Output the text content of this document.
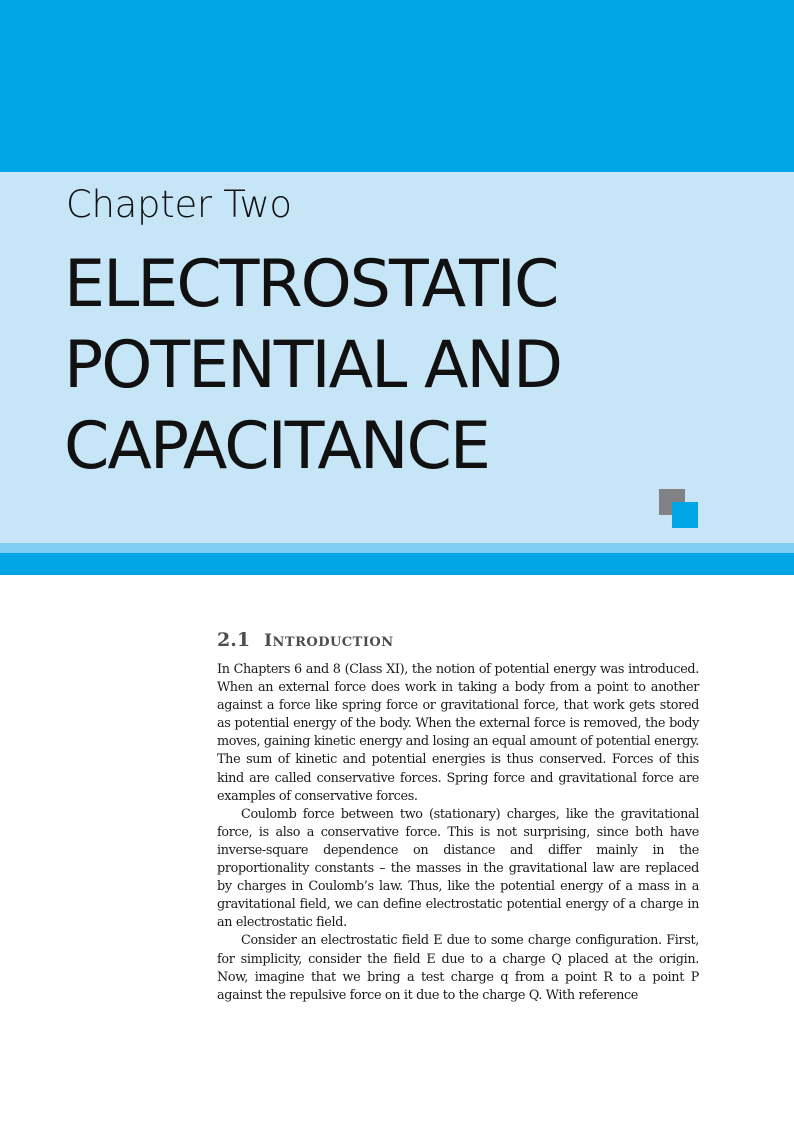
Chapter Two
ELECTROSTATIC
POTENTIAL AND
CAPACITANCE
2.1 INTRODUCTION

In Chapters 6 and 8 (Class XI), the notion of potential energy was introduced. When an external force does work in taking a body from a point to another against a force like spring force or gravitational force, that work gets stored as potential energy of the body. When the external force is removed, the body moves, gaining kinetic energy and losing an equal amount of potential energy. The sum of kinetic and potential energies is thus conserved. Forces of this kind are called conservative forces. Spring force and gravitational force are examples of conservative forces.

Coulomb force between two (stationary) charges, like the gravitational force, is also a conservative force. This is not surprising, since both have inverse-square dependence on distance and differ mainly in the proportionality constants – the masses in the gravitational law are replaced by charges in Coulomb’s law. Thus, like the potential energy of a mass in a gravitational field, we can define electrostatic potential energy of a charge in an electrostatic field.

Consider an electrostatic field E due to some charge configuration. First, for simplicity, consider the field E due to a charge Q placed at the origin. Now, imagine that we bring a test charge q from a point R to a point P against the repulsive force on it due to the charge Q. With reference
